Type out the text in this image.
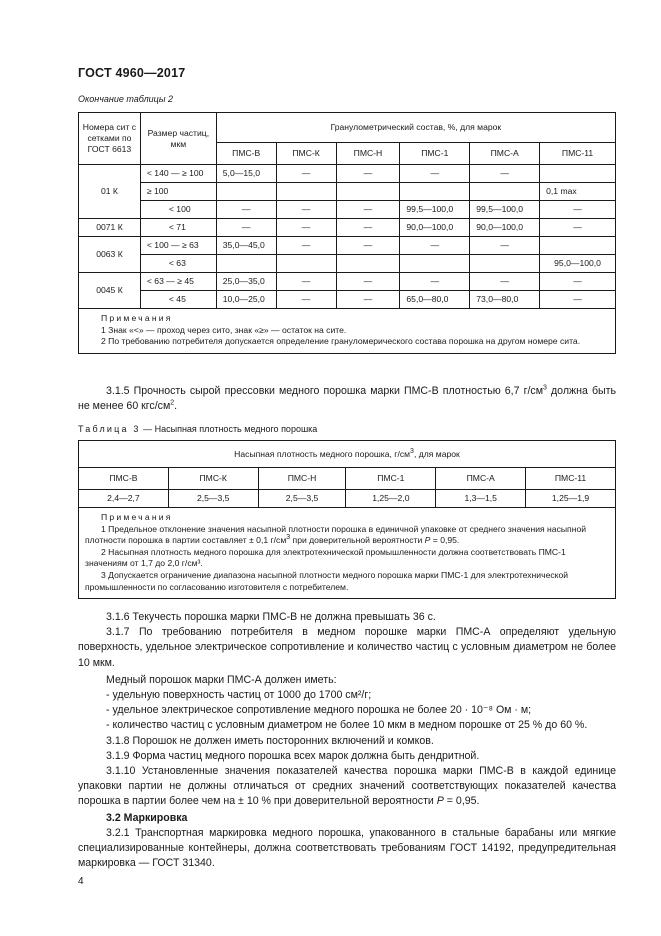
ГОСТ 4960—2017
Окончание таблицы 2
Номера сит с сетками по ГОСТ 6613	Размер частиц, мкм	Гранулометрический состав, %, для марок					
		ПМС-В	ПМС-К	ПМС-Н	ПМС-1	ПМС-А	ПМС-11
01 К	< 140 — ≥ 100	5,0—15,0	—	—	—	—	
	≥ 100						0,1 max
	< 100	—	—	—	99,5—100,0	99,5—100,0	—
0071 К	< 71	—	—	—	90,0—100,0	90,0—100,0	—
0063 К	< 100 — ≥ 63	35,0—45,0	—	—	—	—	
	< 63						95,0—100,0
0045 К	< 63 — ≥ 45	25,0—35,0	—	—	—	—	—
	< 45	10,0—25,0	—	—	65,0—80,0	73,0—80,0	—

Примечания
1 Знак «<» — проход через сито, знак «≥» — остаток на сите.
2 По требованию потребителя допускается определение грануломерического состава порошка на другом номере сита.							
3.1.5 Прочность сырой прессовки медного порошка марки ПМС-В плотностью 6,7 $г/см^3$ должна быть не менее 60 кгс/$см^2$.
Таблица 3 — Насыпная плотность медного порошка
Насыпная плотность медного порошка, $г/см^3$, для марок					
ПМС-В	ПМС-К	ПМС-Н	ПМС-1	ПМС-А	ПМС-11
2,4—2,7	2,5—3,5	2,5—3,5	1,25—2,0	1,3—1,5	1,25—1,9

Примечания
1 Предельное отклонение значения насыпной плотности порошка в единичной упаковке от среднего значения насыпной плотности порошка в партии составляет ± 0,1 $г/см^3$ при доверительной вероятности P = 0,95.
2 Насыпная плотность медного порошка для электротехнической промышленности должна соответствовать ПМС-1 значениям от 1,7 до 2,0 г/см³.
3 Допускается ограничение диапазона насыпной плотности медного порошка марки ПМС-1 для электротехнической промышленности по согласованию изготовителя с потребителем.					
3.1.6 Текучесть порошка марки ПМС-В не должна превышать 36 с.
3.1.7 По требованию потребителя в медном порошке марки ПМС-А определяют удельную поверхность, удельное электрическое сопротивление и количество частиц с условным диаметром не более 10 мкм.
Медный порошок марки ПМС-А должен иметь:
- удельную поверхность частиц от 1000 до 1700 см²/г;
- удельное электрическое сопротивление медного порошка не более 20 · 10⁻⁸ Ом · м;
- количество частиц с условным диаметром не более 10 мкм в медном порошке от 25 % до 60 %.
3.1.8 Порошок не должен иметь посторонних включений и комков.
3.1.9 Форма частиц медного порошка всех марок должна быть дендритной.
3.1.10 Установленные значения показателей качества порошка марки ПМС-В в каждой единице упаковки партии не должны отличаться от средних значений соответствующих показателей качества порошка в партии более чем на ± 10 % при доверительной вероятности P = 0,95.
3.2 Маркировка
3.2.1 Транспортная маркировка медного порошка, упакованного в стальные барабаны или мягкие специализированные контейнеры, должна соответствовать требованиям ГОСТ 14192, предупредительная маркировка — ГОСТ 31340.
4
